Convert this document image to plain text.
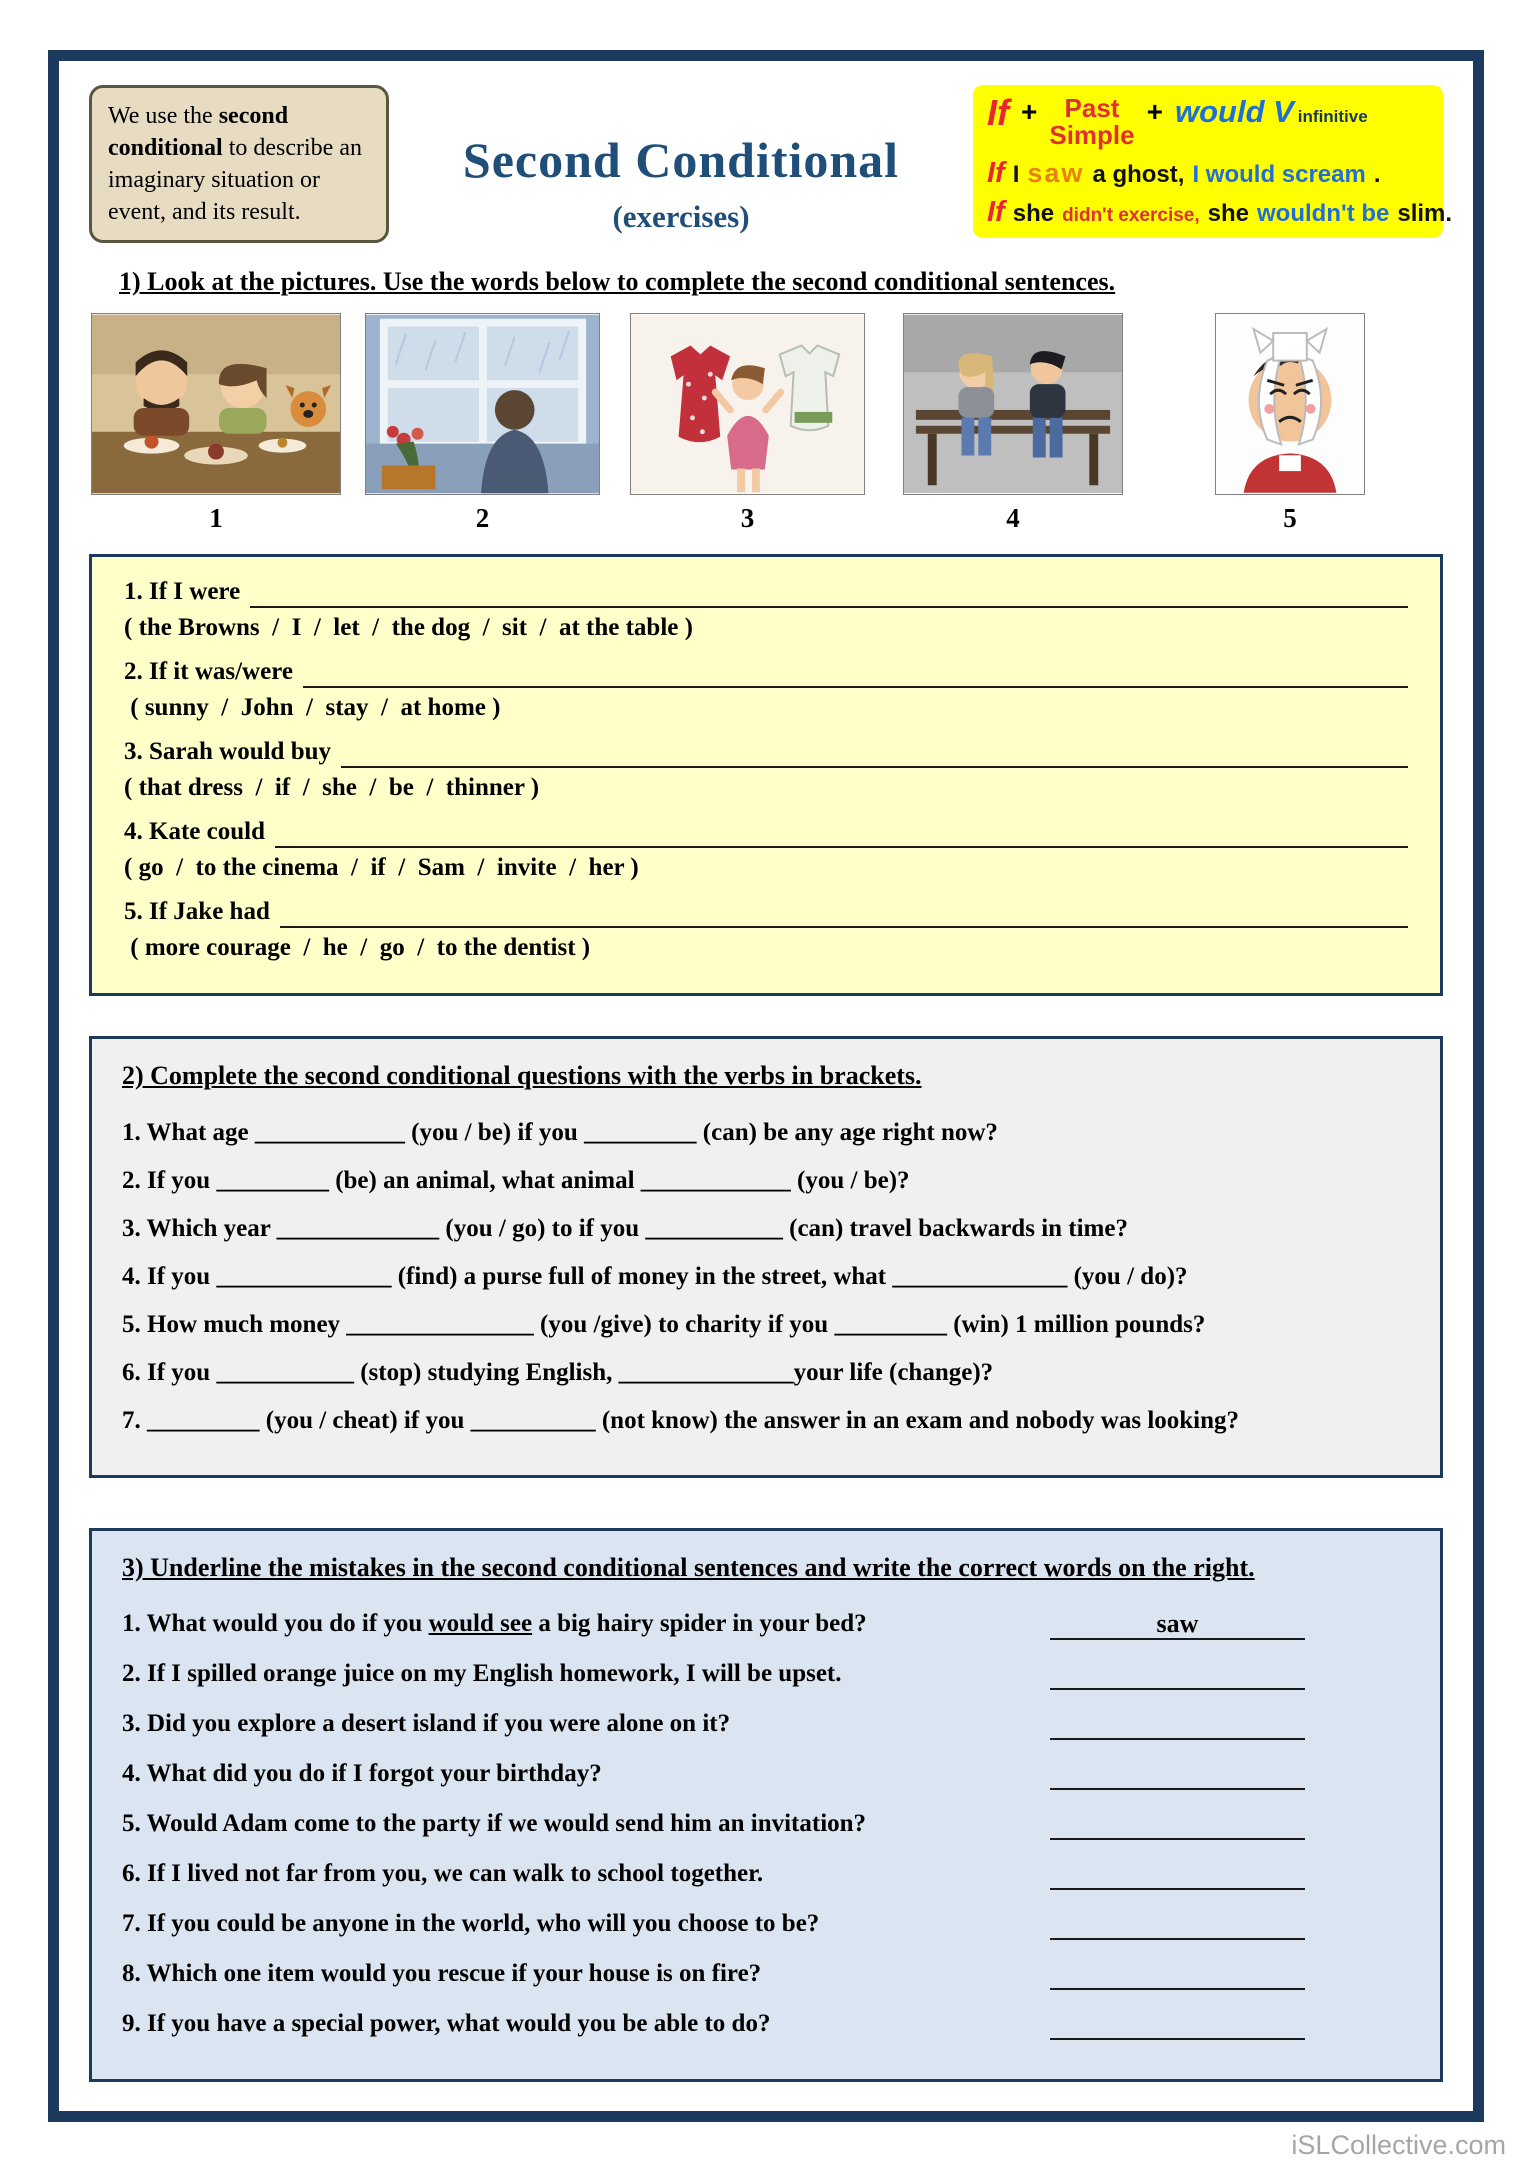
We use the second conditional to describe an imaginary situation or event, and its result.
Second Conditional
(exercises)
If + Past
Simple
+ would V infinitive
If I saw a ghost, I would scream .
If she didn't exercise, she wouldn't be slim.
1) Look at the pictures. Use the words below to complete the second conditional sentences.
1	2	3	4	5
1. If I were
( the Browns  /  I  /  let  /  the dog  /  sit  /  at the table )
2. If it was/were
( sunny  /  John  /  stay  /  at home )
3. Sarah would buy
( that dress  /  if  /  she  /  be  /  thinner )
4. Kate could
( go  /  to the cinema  /  if  /  Sam  /  invite  /  her )
5. If Jake had
( more courage  /  he  /  go  /  to the dentist )
2) Complete the second conditional questions with the verbs in brackets.
1. What age ____________ (you / be) if you _________ (can) be any age right now?
2. If you _________ (be) an animal, what animal ____________ (you / be)?
3. Which year _____________ (you / go) to if you ___________ (can) travel backwards in time?
4. If you ______________ (find) a purse full of money in the street, what ______________ (you / do)?
5. How much money _______________ (you /give) to charity if you _________ (win) 1 million pounds?
6. If you ___________ (stop) studying English, ______________your life (change)?
7. _________ (you / cheat) if you __________ (not know) the answer in an exam and nobody was looking?
3) Underline the mistakes in the second conditional sentences and write the correct words on the right.
1. What would you do if you would see a big hairy spider in your bed?	saw
2. If I spilled orange juice on my English homework, I will be upset.
3. Did you explore a desert island if you were alone on it?
4. What did you do if I forgot your birthday?
5. Would Adam come to the party if we would send him an invitation?
6. If I lived not far from you, we can walk to school together.
7. If you could be anyone in the world, who will you choose to be?
8. Which one item would you rescue if your house is on fire?
9. If you have a special power, what would you be able to do?
iSLCollective.com
